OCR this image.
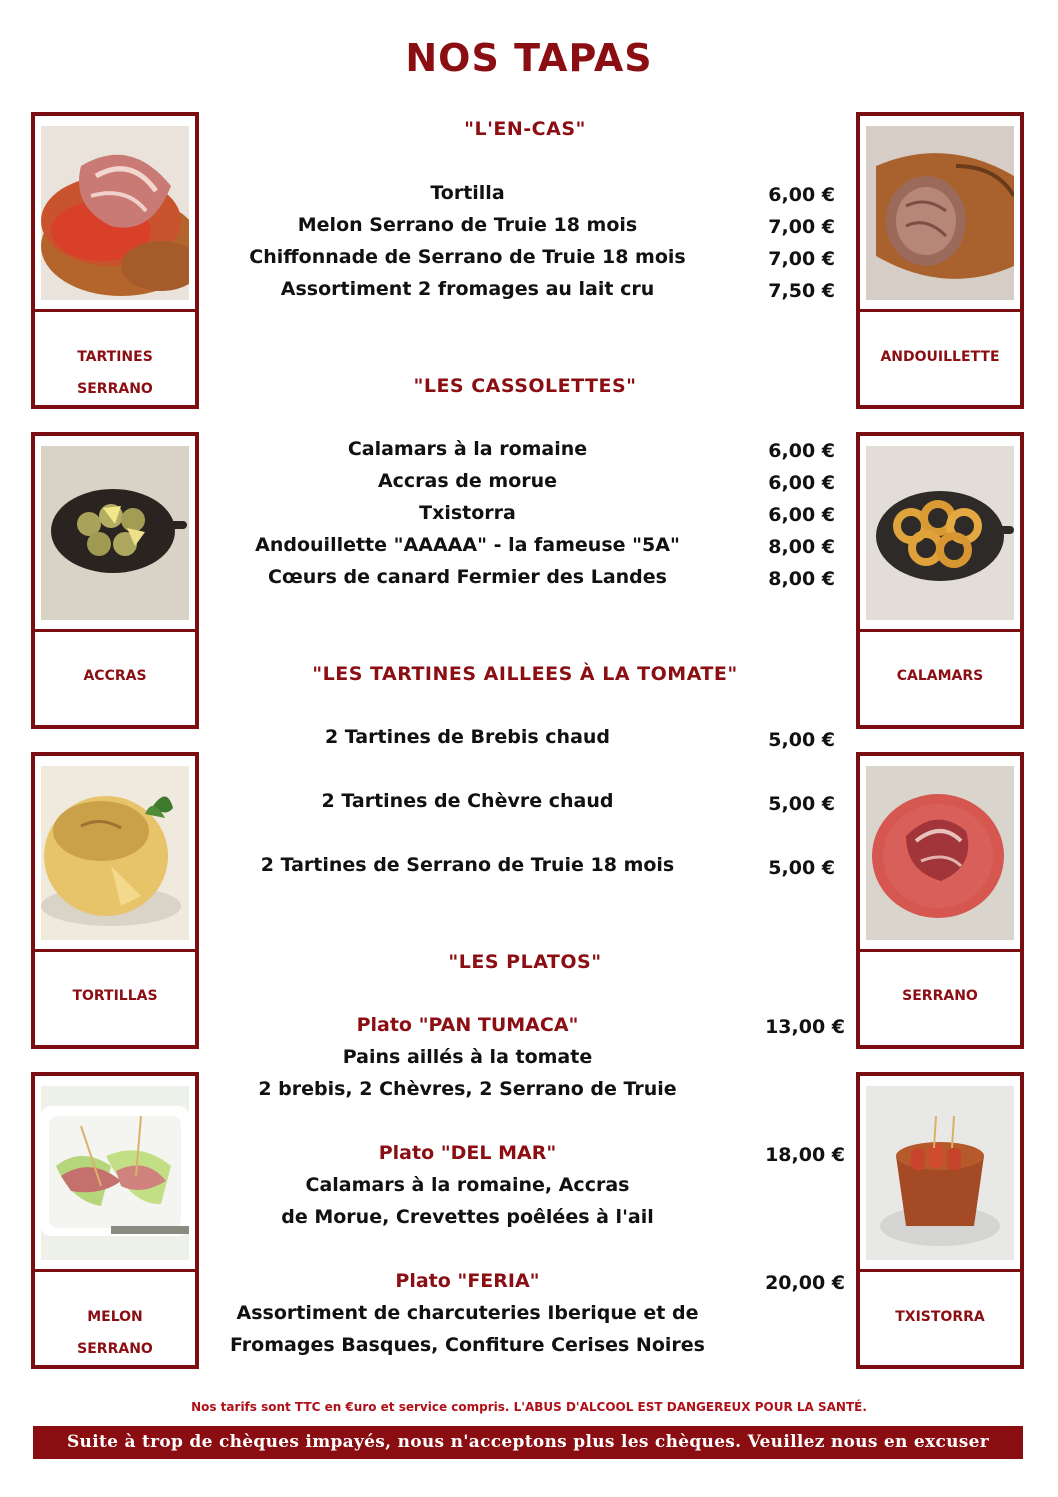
NOS TAPAS
TARTINES
SERRANO
ACCRAS
TORTILLAS
MELON
SERRANO
ANDOUILLETTE
CALAMARS
SERRANO
TXISTORRA
"L'EN-CAS"
Tortilla	6,00 €
Melon Serrano de Truie 18 mois	7,00 €
Chiffonnade de Serrano de Truie 18 mois	7,00 €
Assortiment 2 fromages au lait cru	7,50 €
"LES CASSOLETTES"
Calamars à la romaine	6,00 €
Accras de morue	6,00 €
Txistorra	6,00 €
Andouillette "AAAAA" - la fameuse "5A"	8,00 €
Cœurs de canard Fermier des Landes	8,00 €
"LES TARTINES AILLEES À LA TOMATE"
2 Tartines de Brebis chaud	5,00 €
2 Tartines de Chèvre chaud	5,00 €
2 Tartines de Serrano de Truie 18 mois	5,00 €
"LES PLATOS"
Plato "PAN TUMACA"	13,00 €
Pains aillés à la tomate
2 brebis, 2 Chèvres, 2 Serrano de Truie
Plato "DEL MAR"	18,00 €
Calamars à la romaine, Accras
de Morue, Crevettes poêlées à l'ail
Plato "FERIA"	20,00 €
Assortiment de charcuteries Iberique et de
Fromages Basques, Confiture Cerises Noires
Nos tarifs sont TTC en €uro et service compris. L'ABUS D'ALCOOL EST DANGEREUX POUR LA SANTÉ.
Suite à trop de chèques impayés, nous n'acceptons plus les chèques. Veuillez nous en excuser
